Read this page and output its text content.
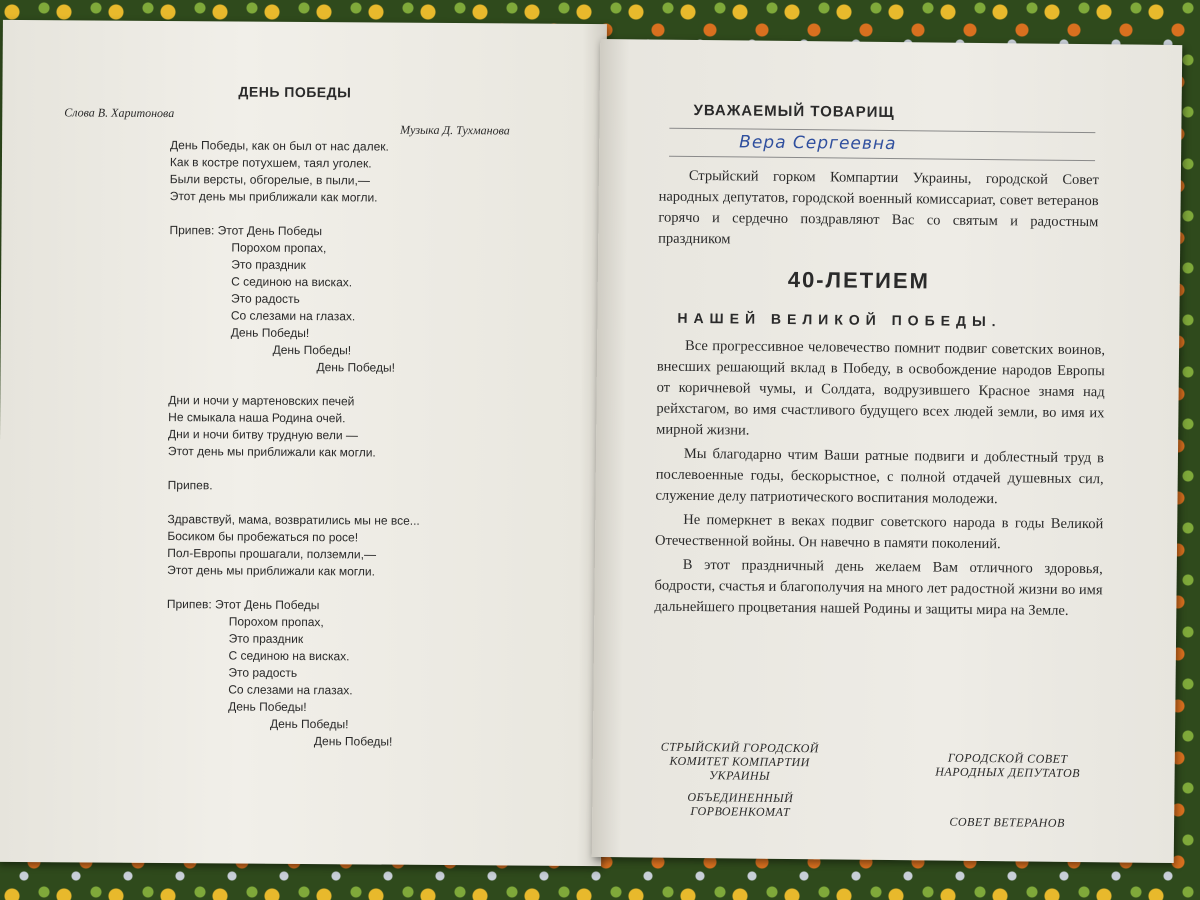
ДЕНЬ ПОБЕДЫ
Слова В. Харитонова
Музыка Д. Тухманова
День Победы, как он был от нас далек.
Как в костре потухшем, таял уголек.
Были версты, обгорелые, в пыли,—
Этот день мы приближали как могли.
Припев: Этот День Победы
Порохом пропах,
Это праздник
С сединою на висках.
Это радость
Со слезами на глазах.
День Победы!
День Победы!
День Победы!
Дни и ночи у мартеновских печей
Не смыкала наша Родина очей.
Дни и ночи битву трудную вели —
Этот день мы приближали как могли.
Припев.
Здравствуй, мама, возвратились мы не все...
Босиком бы пробежаться по росе!
Пол-Европы прошагали, полземли,—
Этот день мы приближали как могли.
Припев: Этот День Победы
Порохом пропах,
Это праздник
С сединою на висках.
Это радость
Со слезами на глазах.
День Победы!
День Победы!
День Победы!
УВАЖАЕМЫЙ ТОВАРИЩ
Вера Сергеевна
Стрыйский горком Компартии Украины, городской Совет народных депутатов, городской военный комиссариат, совет ветеранов горячо и сердечно поздравляют Вас со святым и радостным праздником
40-ЛЕТИЕМ
НАШЕЙ ВЕЛИКОЙ ПОБЕДЫ.

Все прогрессивное человечество помнит подвиг советских воинов, внесших решающий вклад в Победу, в освобождение народов Европы от коричневой чумы, и Солдата, водрузившего Красное знамя над рейхстагом, во имя счастливого будущего всех людей земли, во имя их мирной жизни.

Мы благодарно чтим Ваши ратные подвиги и доблестный труд в послевоенные годы, бескорыстное, с полной отдачей душевных сил, служение делу патриотического воспитания молодежи.

Не померкнет в веках подвиг советского народа в годы Великой Отечественной войны. Он навечно в памяти поколений.

В этот праздничный день желаем Вам отличного здоровья, бодрости, счастья и благополучия на много лет радостной жизни во имя дальнейшего процветания нашей Родины и защиты мира на Земле.

СТРЫЙСКИЙ ГОРОДСКОЙ КОМИТЕТ КОМПАРТИИ УКРАИНЫ
ГОРОДСКОЙ СОВЕТ НАРОДНЫХ ДЕПУТАТОВ
ОБЪЕДИНЕННЫЙ ГОРВОЕНКОМАТ
СОВЕТ ВЕТЕРАНОВ
